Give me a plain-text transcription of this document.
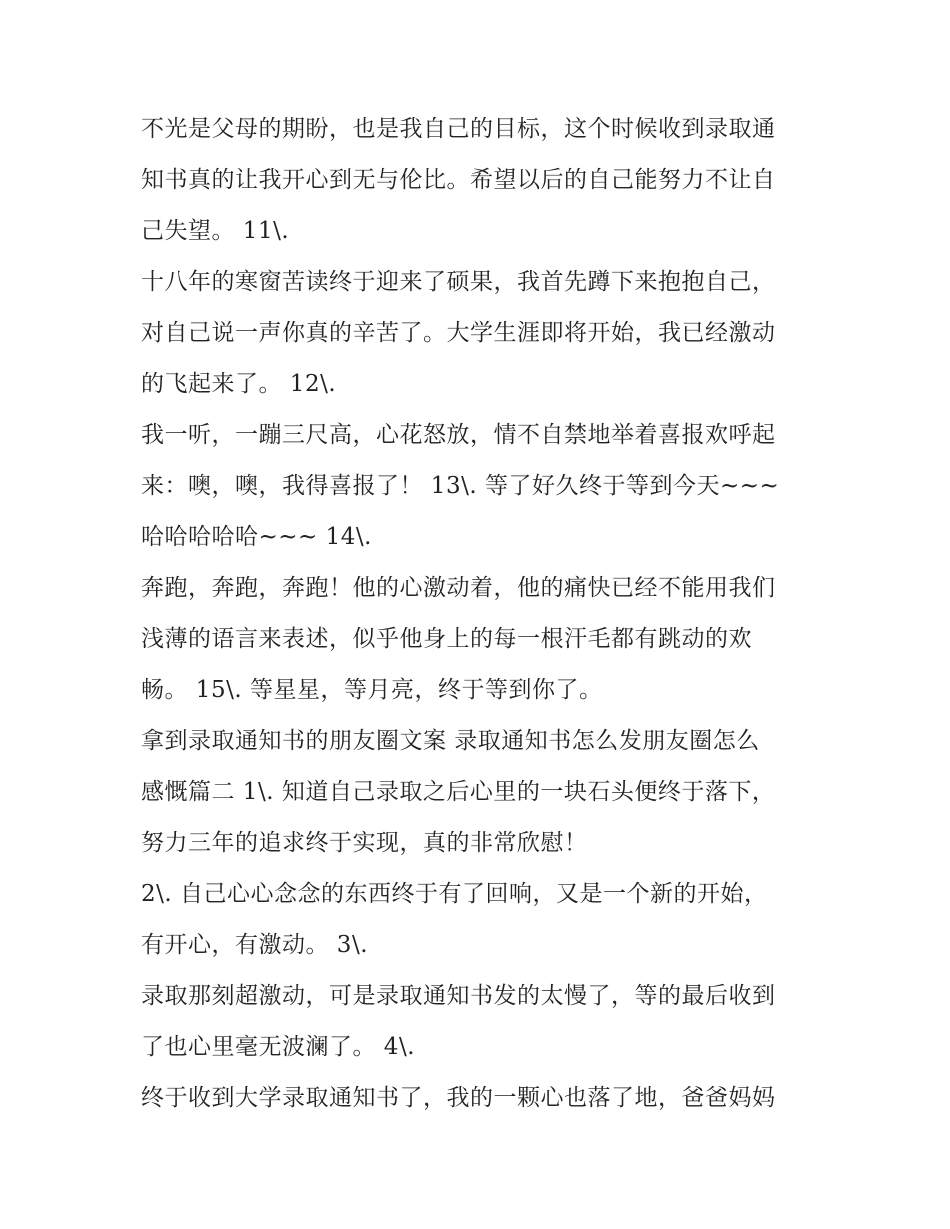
不光是父母的期盼，也是我自己的目标，这个时候收到录取通
知书真的让我开心到无与伦比。希望以后的自己能努力不让自
己失望。 11\.
十八年的寒窗苦读终于迎来了硕果，我首先蹲下来抱抱自己，
对自己说一声你真的辛苦了。大学生涯即将开始，我已经激动
的飞起来了。 12\.
我一听，一蹦三尺高，心花怒放，情不自禁地举着喜报欢呼起
来：噢，噢，我得喜报了！ 13\. 等了好久终于等到今天~~~
哈哈哈哈哈~~~ 14\.
奔跑，奔跑，奔跑！他的心激动着，他的痛快已经不能用我们
浅薄的语言来表述，似乎他身上的每一根汗毛都有跳动的欢
畅。 15\. 等星星，等月亮，终于等到你了。
拿到录取通知书的朋友圈文案 录取通知书怎么发朋友圈怎么
感慨篇二 1\. 知道自己录取之后心里的一块石头便终于落下，
努力三年的追求终于实现，真的非常欣慰！
2\. 自己心心念念的东西终于有了回响，又是一个新的开始，
有开心，有激动。 3\.
录取那刻超激动，可是录取通知书发的太慢了，等的最后收到
了也心里毫无波澜了。 4\.
终于收到大学录取通知书了，我的一颗心也落了地，爸爸妈妈
